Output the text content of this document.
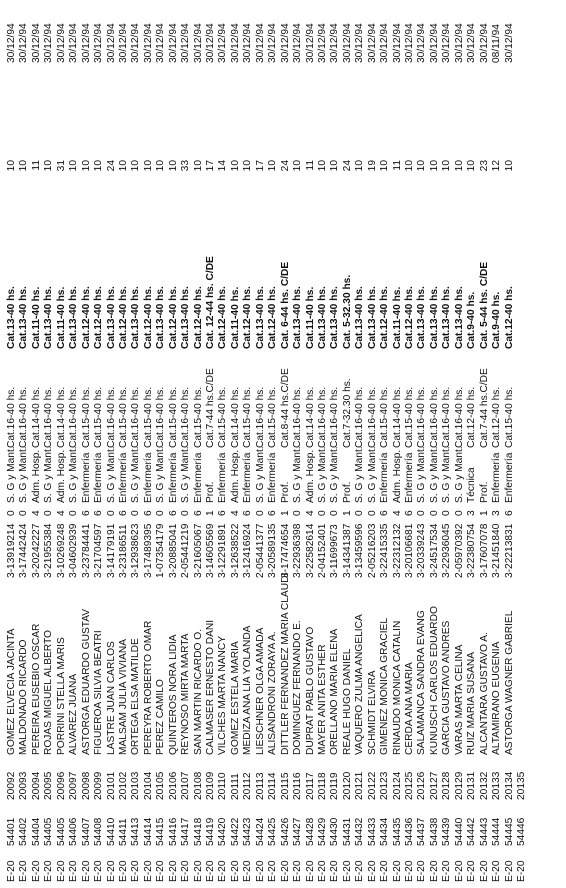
E-20
54401
20092
GOMEZ ELVECIA JACINTA
3-13919214
0
S. G y Mant.
Cat.16-40 hs.
Cat.13-40 hs.
10
30/12/94
E-20
54402
20093
MALDONADO RICARDO
3-17442424
0
S. G y Mant.
Cat.16-40 hs.
Cat.13-40 hs.
10
30/12/94
E-20
54404
20094
PEREIRA EUSEBIO OSCAR
3-20242227
4
Adm. Hosp.
Cat.14-40 hs.
Cat.11-40 hs.
11
30/12/94
E-20
54405
20095
ROJAS MIGUEL ALBERTO
3-21955384
0
S. G y Mant.
Cat.16-40 hs.
Cat.13-40 hs.
10
30/12/94
E-20
54405
20096
PORRINI STELLA MARIS
3-10269248
4
Adm. Hosp.
Cat.14-40 hs.
Cat.11-40 hs.
31
30/12/94
E-20
54406
20097
ALVAREZ JUANA
3-04602939
0
S. G y Mant.
Cat.16-40 hs.
Cat.13-40 hs.
10
30/12/94
E-20
54407
20098
ASTORGA EDUARDO GUSTAV
3-23784441
6
Enfermería
Cat.15-40 hs.
Cat.12-40 hs.
10
30/12/94
E-20
54408
20099
FIGUEROA SILVIA BEATRI
3-21704597
6
Enfermería
Cat.15-40 hs.
Cat.12-40 hs.
10
30/12/94
E-20
54410
20101
LASTRE JUAN CARLOS
3-14179191
0
S. G y Mant.
Cat.16-40 hs.
Cat.13-40 hs.
24
30/12/94
E-20
54411
20102
MALSAM JULIA VIVIANA
3-23186511
6
Enfermería
Cat.15-40 hs.
Cat.12-40 hs.
10
30/12/94
E-20
54413
20103
ORTEGA ELSA MATILDE
3-12938623
0
S. G y Mant.
Cat.16-40 hs.
Cat.13-40 hs.
10
30/12/94
E-20
54414
20104
PEREYRA ROBERTO OMAR
3-17489395
6
Enfermería
Cat.15-40 hs.
Cat.12-40 hs.
10
30/12/94
E-20
54415
20105
PEREZ CAMILO
1-07354179
0
S. G y Mant.
Cat.16-40 hs.
Cat.13-40 hs.
10
30/12/94
E-20
54416
20106
QUINTEROS NORA LIDIA
3-20885041
6
Enfermería
Cat.15-40 hs.
Cat.12-40 hs.
10
30/12/94
E-20
54417
20107
REYNOSO MIRTA MARTA
2-05441219
0
S. G y Mant.
Cat.16-40 hs.
Cat.13-40 hs.
33
30/12/94
E-20
54418
20108
SAN MARTIN RICARDO O.
3-21605067
6
Enfermería
Cat.15-40 hs.
Cat.12-40 hs.
10
30/12/94
E-20
54419
20109
CALMASER ERNESTO DANI
3-14605569
1
Prof.
Cat.7-44 hs.C/DE
Cat. 12-44 hs. C/DE
17
30/12/94
E-20
54420
20110
VILCHES MARTA NANCY
3-12291891
6
Enfermería
Cat.15-40 hs.
Cat.12-40 hs.
14
30/12/94
E-20
54422
20111
GOMEZ ESTELA MARIA
3-12638522
4
Adm. Hosp.
Cat.14-40 hs.
Cat.11-40 hs.
10
30/12/94
E-20
54423
20112
MEDIZA ANA LIA YOLANDA
3-12416924
6
Enfermería
Cat.15-40 hs.
Cat.12-40 hs.
10
30/12/94
E-20
54424
20113
LIESCHNER OLGA AMADA
2-05441377
0
S. G y Mant.
Cat.16-40 hs.
Cat.13-40 hs.
17
30/12/94
E-20
54425
20114
ALISANDRONI ZORAYA A.
3-20589135
6
Enfermería
Cat.15-40 hs.
Cat.12-40 hs.
10
30/12/94
E-20
54426
20115
DITTLER FERNANDEZ MARIA CLAUDI
3-17474654
1
Prof.
Cat.8-44 hs.C/DE
Cat. 6-44 hs. C/DE
24
30/12/94
E-20
54427
20116
DOMINGUEZ FERNANDO E.
3-22936398
0
S. G y Mant.
Cat.16-40 hs.
Cat.13-40 hs.
10
30/12/94
E-20
54428
20117
DUPRAT PABLO GUSTAVO
3-22582614
4
Adm. Hosp.
Cat.14-40 hs.
Cat.11-40 hs.
11
30/12/94
E-20
54429
20118
MAYER ANITA ESTHER
2-04152401
0
S. G y Mant.
Cat.16-40 hs.
Cat.13-40 hs.
10
30/12/94
E-20
54430
20119
ORELLANO MARIA ELENA
3-11699673
0
S. G y Mant.
Cat.16-40 hs.
Cat.13-40 hs.
10
30/12/94
E-20
54431
20120
REALE HUGO DANIEL
3-14341387
1
Prof.
Cat.7-32.30 hs.
Cat. 5-32.30 hs.
24
30/12/94
E-20
54432
20121
VAQUERO ZULMA ANGELICA
3-13459596
0
S. G y Mant.
Cat.16-40 hs.
Cat.13-40 hs.
10
30/12/94
E-20
54433
20122
SCHMIDT ELVIRA
2-05216203
0
S. G y Mant.
Cat.16-40 hs.
Cat.13-40 hs.
19
30/12/94
E-20
54434
20123
GIMENEZ MONICA GRACIEL
3-22415335
6
Enfermería
Cat.15-40 hs.
Cat.12-40 hs.
10
30/12/94
E-20
54435
20124
RINAUDO MONICA CATALIN
3-22312132
4
Adm. Hosp.
Cat.14-40 hs.
Cat.11-40 hs.
11
30/12/94
E-20
54436
20125
CERDA ANA MARIA
3-20106681
6
Enfermería
Cat.15-40 hs.
Cat.12-40 hs.
10
30/12/94
E-20
54437
20126
SALAMANCA SANDRA EVANG
3-20339243
0
S. G y Mant.
Cat.16-40 hs.
Cat.13-40 hs.
10
30/12/94
E-20
54438
20127
KUNUSCH CARLOS EDUARDO
3-24517534
0
S. G y Mant.
Cat.16-40 hs.
Cat.13-40 hs.
10
30/12/94
E-20
54439
20128
GARCIA GUSTAVO ANDRES
3-22936045
0
S. G y Mant.
Cat.16-40 hs.
Cat.13-40 hs.
10
30/12/94
E-20
54440
20129
VARAS MARTA CELINA
2-05970392
0
S. G y Mant.
Cat.16-40 hs.
Cat.13-40 hs.
10
30/12/94
E-20
54442
20131
RUIZ MARIA SUSANA
3-22380754
3
Técnica
Cat.12-40 hs.
Cat.9-40 hs.
10
30/12/94
E-20
54443
20132
ALCANTARA GUSTAVO A.
3-17607078
1
Prof.
Cat.7-44 hs.C/DE
Cat. 5-44 hs. C/DE
23
30/12/94
E-20
54444
20133
ALTAMIRANO EUGENIA
3-21451840
3
Enfermería
Cat.12-40 hs.
Cat.9-40 hs.
12
08/11/94
E-20
54445
20134
ASTORGA WAGNER GABRIEL
3-22213831
6
Enfermería
Cat.15-40 hs.
Cat.12-40 hs.
10
30/12/94
E-20
54446
20135
